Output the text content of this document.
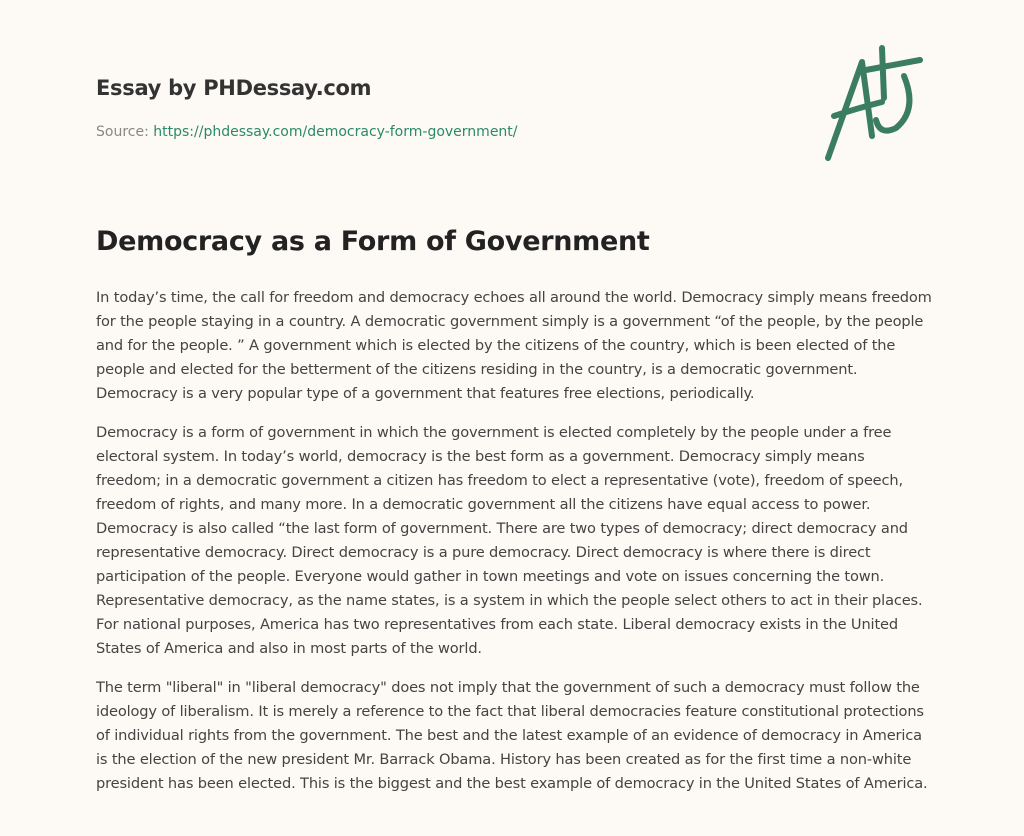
Essay by PHDessay.com
Source: https://phdessay.com/democracy-form-government/
Democracy as a Form of Government

In today’s time, the call for freedom and democracy echoes all around the world. Democracy simply means freedom for the people staying in a country. A democratic government simply is a government “of the people, by the people and for the people. ” A government which is elected by the citizens of the country, which is been elected of the people and elected for the betterment of the citizens residing in the country, is a democratic government. Democracy is a very popular type of a government that features free elections, periodically.

Democracy is a form of government in which the government is elected completely by the people under a free electoral system. In today’s world, democracy is the best form as a government. Democracy simply means freedom; in a democratic government a citizen has freedom to elect a representative (vote), freedom of speech, freedom of rights, and many more. In a democratic government all the citizens have equal access to power. Democracy is also called “the last form of government. There are two types of democracy; direct democracy and representative democracy. Direct democracy is a pure democracy. Direct democracy is where there is direct participation of the people. Everyone would gather in town meetings and vote on issues concerning the town. Representative democracy, as the name states, is a system in which the people select others to act in their places. For national purposes, America has two representatives from each state. Liberal democracy exists in the United States of America and also in most parts of the world.

The term "liberal" in "liberal democracy" does not imply that the government of such a democracy must follow the ideology of liberalism. It is merely a reference to the fact that liberal democracies feature constitutional protections of individual rights from the government. The best and the latest example of an evidence of democracy in America is the election of the new president Mr. Barrack Obama. History has been created as for the first time a non-white president has been elected. This is the biggest and the best example of democracy in the United States of America.
